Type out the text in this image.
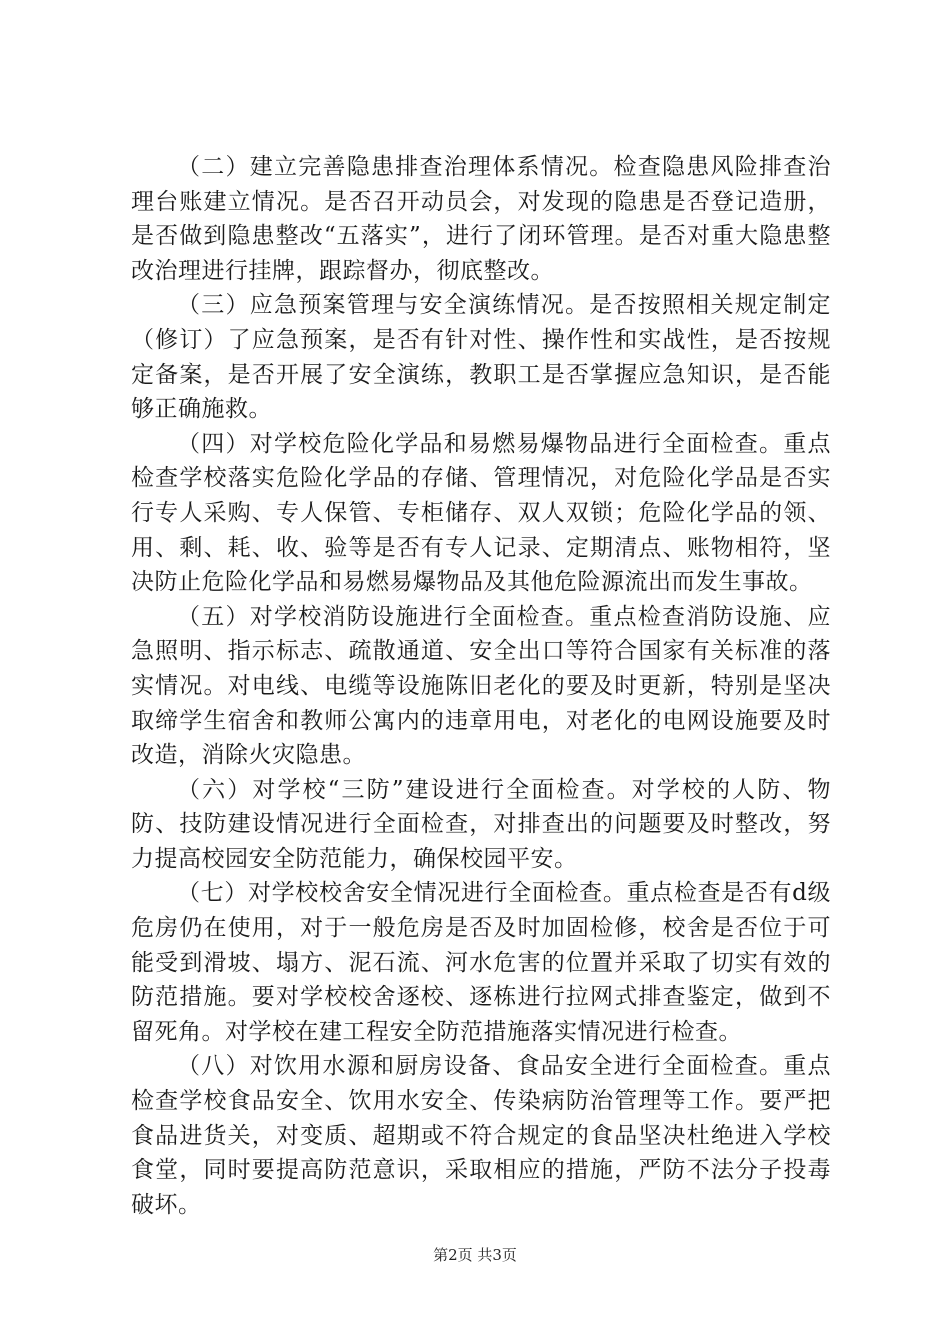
（二）建立完善隐患排查治理体系情况。检查隐患风险排查治理台账建立情况。是否召开动员会，对发现的隐患是否登记造册，是否做到隐患整改“五落实”，进行了闭环管理。是否对重大隐患整改治理进行挂牌，跟踪督办，彻底整改。

（三）应急预案管理与安全演练情况。是否按照相关规定制定（修订）了应急预案，是否有针对性、操作性和实战性，是否按规定备案，是否开展了安全演练，教职工是否掌握应急知识，是否能够正确施救。

（四）对学校危险化学品和易燃易爆物品进行全面检查。重点检查学校落实危险化学品的存储、管理情况，对危险化学品是否实行专人采购、专人保管、专柜储存、双人双锁；危险化学品的领、用、剩、耗、收、验等是否有专人记录、定期清点、账物相符，坚决防止危险化学品和易燃易爆物品及其他危险源流出而发生事故。

（五）对学校消防设施进行全面检查。重点检查消防设施、应急照明、指示标志、疏散通道、安全出口等符合国家有关标准的落实情况。对电线、电缆等设施陈旧老化的要及时更新，特别是坚决取缔学生宿舍和教师公寓内的违章用电，对老化的电网设施要及时改造，消除火灾隐患。

（六）对学校“三防”建设进行全面检查。对学校的人防、物防、技防建设情况进行全面检查，对排查出的问题要及时整改，努力提高校园安全防范能力，确保校园平安。

（七）对学校校舍安全情况进行全面检查。重点检查是否有d级危房仍在使用，对于一般危房是否及时加固检修，校舍是否位于可能受到滑坡、塌方、泥石流、河水危害的位置并采取了切实有效的防范措施。要对学校校舍逐校、逐栋进行拉网式排查鉴定，做到不留死角。对学校在建工程安全防范措施落实情况进行检查。

（八）对饮用水源和厨房设备、食品安全进行全面检查。重点检查学校食品安全、饮用水安全、传染病防治管理等工作。要严把食品进货关，对变质、超期或不符合规定的食品坚决杜绝进入学校食堂，同时要提高防范意识，采取相应的措施，严防不法分子投毒破坏。

第2页 共3页
